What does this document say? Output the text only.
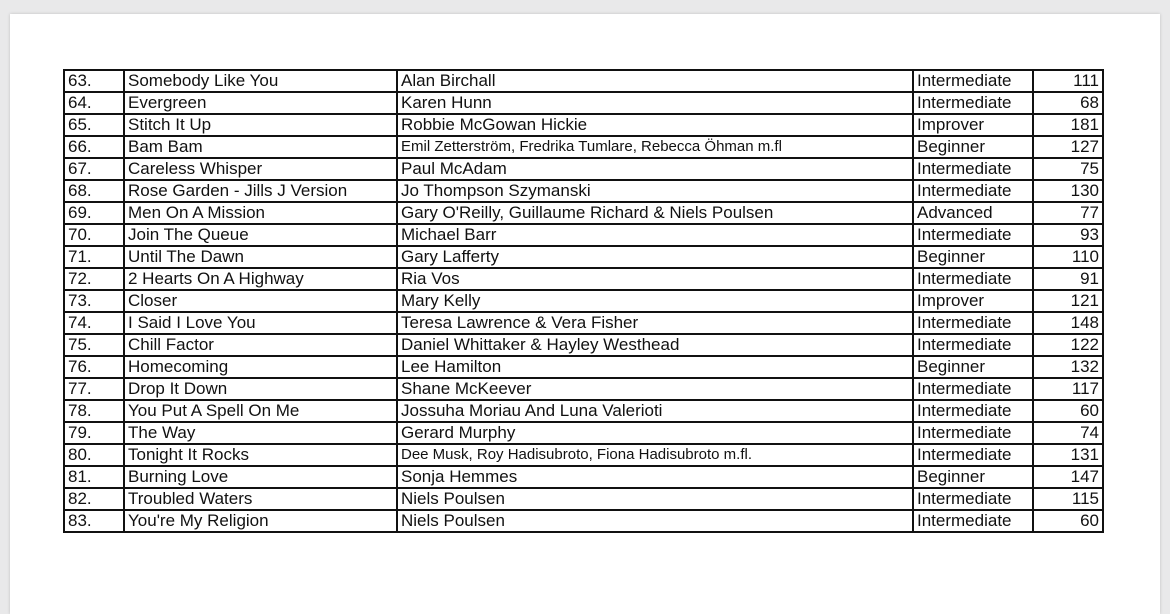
63.	Somebody Like You	Alan Birchall	Intermediate	111
64.	Evergreen	Karen Hunn	Intermediate	68
65.	Stitch It Up	Robbie McGowan Hickie	Improver	181
66.	Bam Bam	Emil Zetterström, Fredrika Tumlare, Rebecca Öhman m.fl	Beginner	127
67.	Careless Whisper	Paul McAdam	Intermediate	75
68.	Rose Garden - Jills J Version	Jo Thompson Szymanski	Intermediate	130
69.	Men On A Mission	Gary O'Reilly, Guillaume Richard & Niels Poulsen	Advanced	77
70.	Join The Queue	Michael Barr	Intermediate	93
71.	Until The Dawn	Gary Lafferty	Beginner	110
72.	2 Hearts On A Highway	Ria Vos	Intermediate	91
73.	Closer	Mary Kelly	Improver	121
74.	I Said I Love You	Teresa Lawrence & Vera Fisher	Intermediate	148
75.	Chill Factor	Daniel Whittaker & Hayley Westhead	Intermediate	122
76.	Homecoming	Lee Hamilton	Beginner	132
77.	Drop It Down	Shane McKeever	Intermediate	117
78.	You Put A Spell On Me	Jossuha Moriau And Luna Valerioti	Intermediate	60
79.	The Way	Gerard Murphy	Intermediate	74
80.	Tonight It Rocks	Dee Musk, Roy Hadisubroto, Fiona Hadisubroto m.fl.	Intermediate	131
81.	Burning Love	Sonja Hemmes	Beginner	147
82.	Troubled Waters	Niels Poulsen	Intermediate	115
83.	You're My Religion	Niels Poulsen	Intermediate	60
